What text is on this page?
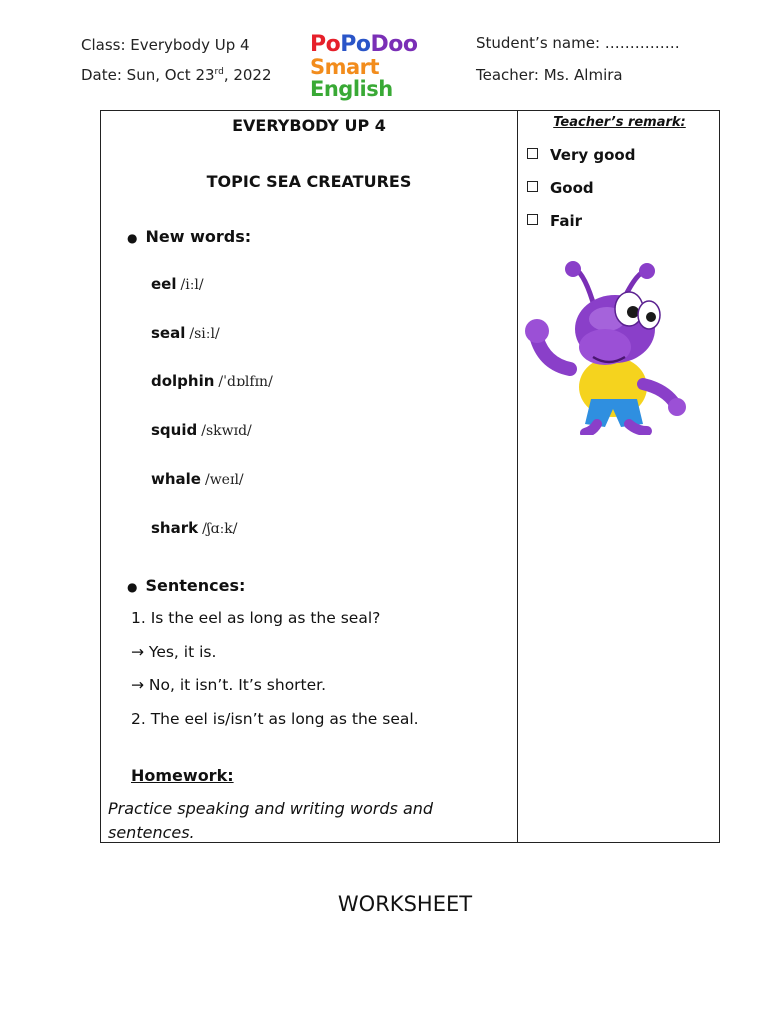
Class: Everybody Up 4
Date: Sun, Oct 23rd, 2022
Student’s name: ……………
Teacher: Ms. Almira
PoPoDoo
Smart English
EVERYBODY UP 4
TOPIC SEA CREATURES
● New words:
eel /iːl/
seal /siːl/
dolphin /ˈdɒlfɪn/
squid /skwɪd/
whale /weɪl/
shark /ʃɑːk/
● Sentences:
1. Is the eel as long as the seal?
→ Yes, it is.
→ No, it isn’t. It’s shorter.
2. The eel is/isn’t as long as the seal.
Homework:
Practice speaking and writing words and
sentences.
Teacher’s remark:
Very good
Good
Fair
WORKSHEET
